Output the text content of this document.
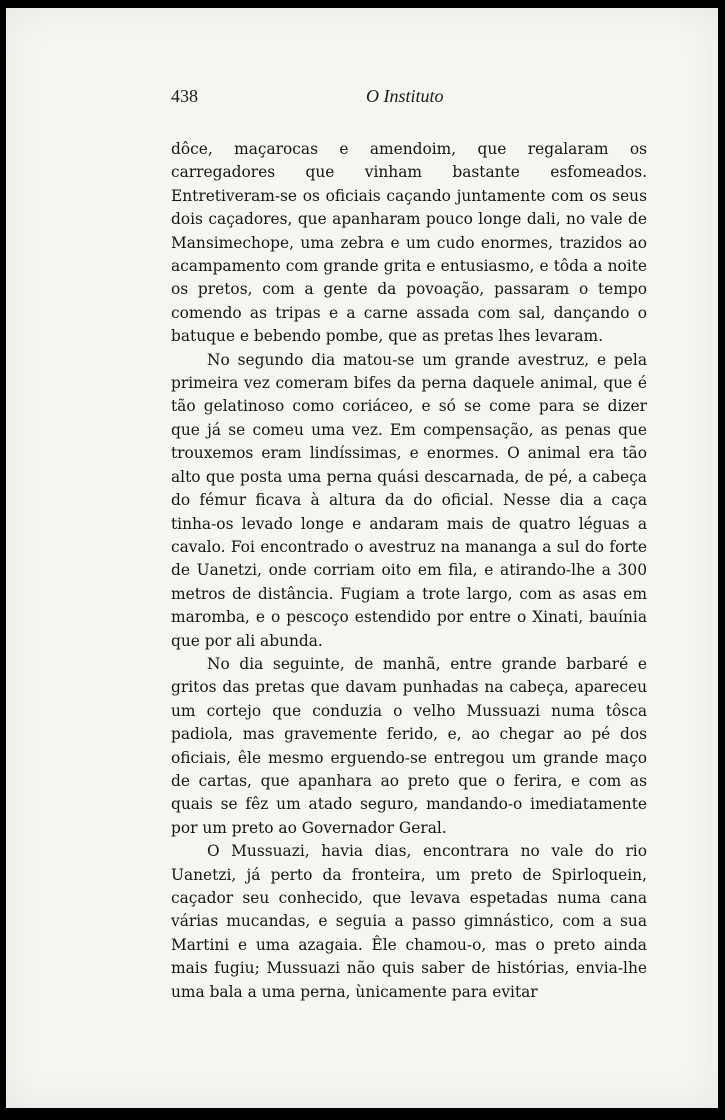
438	O Instituto

dôce, maçarocas e amendoim, que regalaram os carregadores que vinham bastante esfomeados. Entretiveram-se os oficiais caçando juntamente com os seus dois caçadores, que apanharam pouco longe dali, no vale de Mansimechope, uma zebra e um cudo enormes, trazidos ao acampamento com grande grita e entusiasmo, e tôda a noite os pretos, com a gente da povoação, passaram o tempo comendo as tripas e a carne assada com sal, dançando o batuque e bebendo pombe, que as pretas lhes levaram.

No segundo dia matou-se um grande avestruz, e pela primeira vez comeram bifes da perna daquele animal, que é tão gelatinoso como coriáceo, e só se come para se dizer que já se comeu uma vez. Em compensação, as penas que trouxemos eram lindíssimas, e enormes. O animal era tão alto que posta uma perna quási descarnada, de pé, a cabeça do fémur ficava à altura da do oficial. Nesse dia a caça tinha-os levado longe e andaram mais de quatro léguas a cavalo. Foi encontrado o avestruz na mananga a sul do forte de Uanetzi, onde corriam oito em fila, e atirando-lhe a 300 metros de distância. Fugiam a trote largo, com as asas em maromba, e o pescoço estendido por entre o Xinati, bauínia que por ali abunda.

No dia seguinte, de manhã, entre grande barbaré e gritos das pretas que davam punhadas na cabeça, apareceu um cortejo que conduzia o velho Mussuazi numa tôsca padiola, mas gravemente ferido, e, ao chegar ao pé dos oficiais, êle mesmo erguendo-se entregou um grande maço de cartas, que apanhara ao preto que o ferira, e com as quais se fêz um atado seguro, mandando-o imediatamente por um preto ao Governador Geral.

O Mussuazi, havia dias, encontrara no vale do rio Uanetzi, já perto da fronteira, um preto de Spirloquein, caçador seu conhecido, que levava espetadas numa cana várias mucandas, e seguia a passo gimnástico, com a sua Martini e uma azagaia. Êle chamou-o, mas o preto ainda mais fugiu; Mussuazi não quis saber de histórias, envia-lhe uma bala a uma perna, ùnicamente para evitar
